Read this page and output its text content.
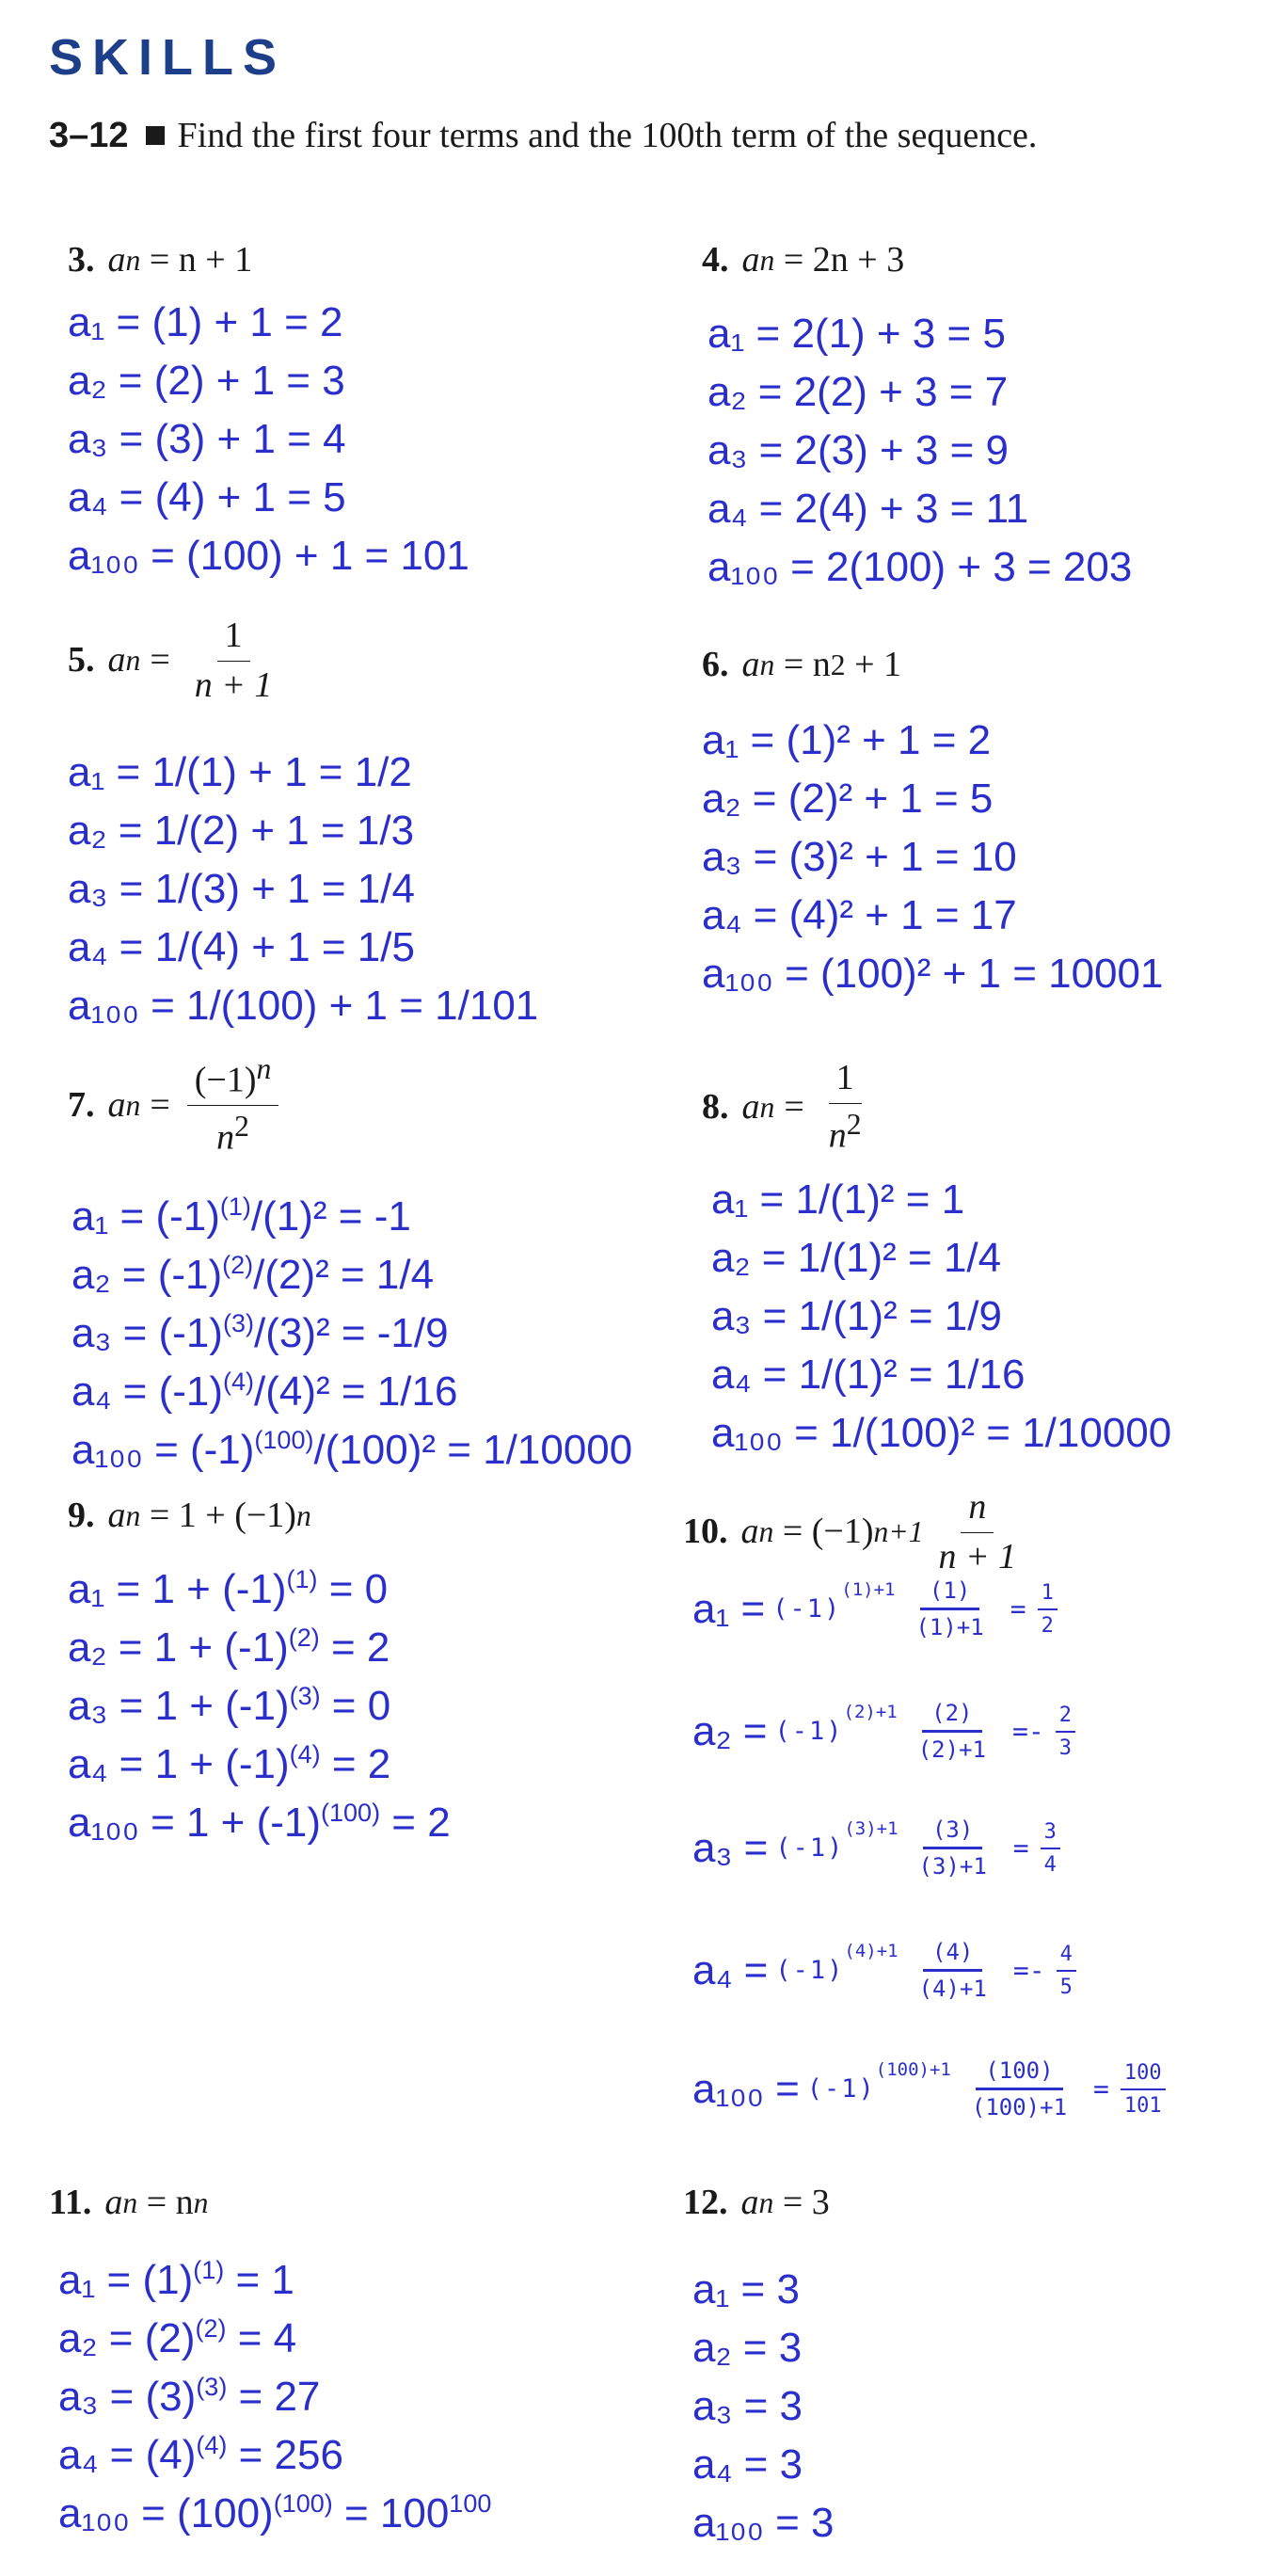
SKILLS
3–12 Find the first four terms and the 100th term of the sequence.
3. a n = n + 1
a₁ = (1) + 1 = 2
a₂ = (2) + 1 = 3
a₃ = (3) + 1 = 4
a₄ = (4) + 1 = 5
a₁₀₀ = (100) + 1 = 101
4. a n = 2n + 3
a₁ = 2(1) + 3 = 5
a₂ = 2(2) + 3 = 7
a₃ = 2(3) + 3 = 9
a₄ = 2(4) + 3 = 11
a₁₀₀ = 2(100) + 3 = 203
5. a $n = \frac{1}{n + 1}$
a₁ = 1/(1) + 1 = 1/2
a₂ = 1/(2) + 1 = 1/3
a₃ = 1/(3) + 1 = 1/4
a₄ = 1/(4) + 1 = 1/5
a₁₀₀ = 1/(100) + 1 = 1/101
6. a n = n 2 + 1
a₁ = (1)² + 1 = 2
a₂ = (2)² + 1 = 5
a₃ = (3)² + 1 = 10
a₄ = (4)² + 1 = 17
a₁₀₀ = (100)² + 1 = 10001
7. a $n = \frac{(-1)^n}{n^2}$
$a_1 = (-1)^{(1)}/(1)^2 = -1$
$a_2 = (-1)^{(2)}/(2)^2 = 1/4$
$a_3 = (-1)^{(3)}/(3)^2 = -1/9$
$a_4 = (-1)^{(4)}/(4)^2 = 1/16$
$a_{100} = (-1)^{(100)}/(100)^2 = 1/10000$
8. a $n = \frac{1}{n^2}$
a₁ = 1/(1)² = 1
a₂ = 1/(1)² = 1/4
a₃ = 1/(1)² = 1/9
a₄ = 1/(1)² = 1/16
a₁₀₀ = 1/(100)² = 1/10000
9. a n = 1 + (−1) n
$a_1 = 1 + (-1)^{(1)} = 0$
$a_2 = 1 + (-1)^{(2)} = 2$
$a_3 = 1 + (-1)^{(3)} = 0$
$a_4 = 1 + (-1)^{(4)} = 2$
$a_{100} = 1 + (-1)^{(100)} = 2$
10. a n = (−1) $n+1 \frac{n}{n + 1}$
a₁ = (-1)
$(1)+1 \frac{(1)}{(1)+1}$ =
1
2
a₂ = (-1)
$(2)+1 \frac{(2)}{(2)+1}$ = -
2
3
a₃ = (-1)
$(3)+1 \frac{(3)}{(3)+1}$ =
3
4
a₄ = (-1)
$(4)+1 \frac{(4)}{(4)+1}$ = -
4
5
a₁₀₀ = (-1)
$(100)+1 \frac{(100)}{(100)+1}$ =
100
101
11. a n = n n
$a_1 = (1)^{(1)} = 1$
$a_2 = (2)^{(2)} = 4$
$a_3 = (3)^{(3)} = 27$
$a_4 = (4)^{(4)} = 256$
$a_{100} = (100)^{(100)} = 100^{100}$
12. a n = 3
a₁ = 3
a₂ = 3
a₃ = 3
a₄ = 3
a₁₀₀ = 3
